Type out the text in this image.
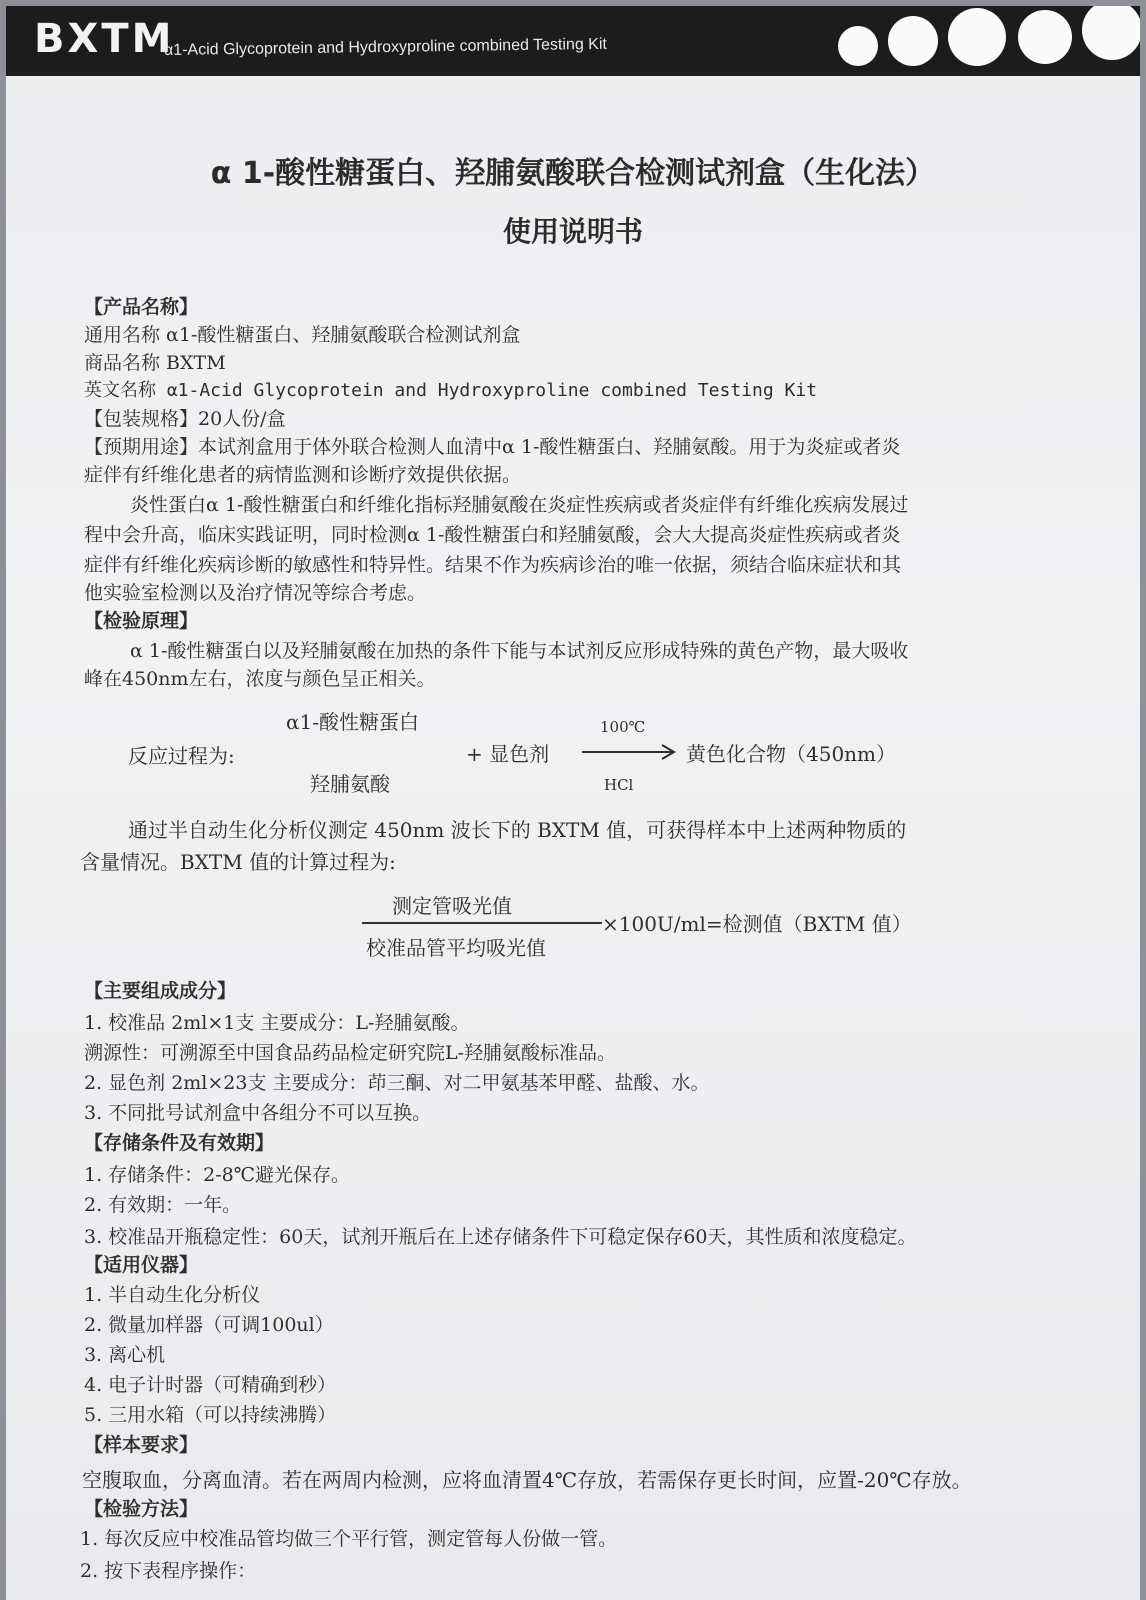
BXTM
α1-Acid Glycoprotein and Hydroxyproline combined Testing Kit
α 1-酸性糖蛋白、羟脯氨酸联合检测试剂盒（生化法）
使用说明书
【产品名称】
通用名称 α1-酸性糖蛋白、羟脯氨酸联合检测试剂盒
商品名称 BXTM
英文名称 α1-Acid Glycoprotein and Hydroxyproline combined Testing Kit
【包装规格】20人份/盒
【预期用途】本试剂盒用于体外联合检测人血清中α 1-酸性糖蛋白、羟脯氨酸。用于为炎症或者炎
症伴有纤维化患者的病情监测和诊断疗效提供依据。
炎性蛋白α 1-酸性糖蛋白和纤维化指标羟脯氨酸在炎症性疾病或者炎症伴有纤维化疾病发展过
程中会升高，临床实践证明，同时检测α 1-酸性糖蛋白和羟脯氨酸，会大大提高炎症性疾病或者炎
症伴有纤维化疾病诊断的敏感性和特异性。结果不作为疾病诊治的唯一依据，须结合临床症状和其
他实验室检测以及治疗情况等综合考虑。
【检验原理】
α 1-酸性糖蛋白以及羟脯氨酸在加热的条件下能与本试剂反应形成特殊的黄色产物，最大吸收
峰在450nm左右，浓度与颜色呈正相关。
反应过程为:
α1-酸性糖蛋白
羟脯氨酸
+ 显色剂
100℃
HCl
黄色化合物（450nm）
通过半自动生化分析仪测定 450nm 波长下的 BXTM 值，可获得样本中上述两种物质的
含量情况。BXTM 值的计算过程为:
测定管吸光值
校准品管平均吸光值
×100U/ml=检测值（BXTM 值）
【主要组成成分】
1. 校准品 2ml×1支 主要成分：L-羟脯氨酸。
溯源性：可溯源至中国食品药品检定研究院L-羟脯氨酸标准品。
2. 显色剂 2ml×23支 主要成分：茚三酮、对二甲氨基苯甲醛、盐酸、水。
3. 不同批号试剂盒中各组分不可以互换。
【存储条件及有效期】
1. 存储条件：2-8℃避光保存。
2. 有效期：一年。
3. 校准品开瓶稳定性：60天，试剂开瓶后在上述存储条件下可稳定保存60天，其性质和浓度稳定。
【适用仪器】
1. 半自动生化分析仪
2. 微量加样器（可调100ul）
3. 离心机
4. 电子计时器（可精确到秒）
5. 三用水箱（可以持续沸腾）
【样本要求】
空腹取血，分离血清。若在两周内检测，应将血清置4℃存放，若需保存更长时间，应置-20℃存放。
【检验方法】
1. 每次反应中校准品管均做三个平行管，测定管每人份做一管。
2. 按下表程序操作：
